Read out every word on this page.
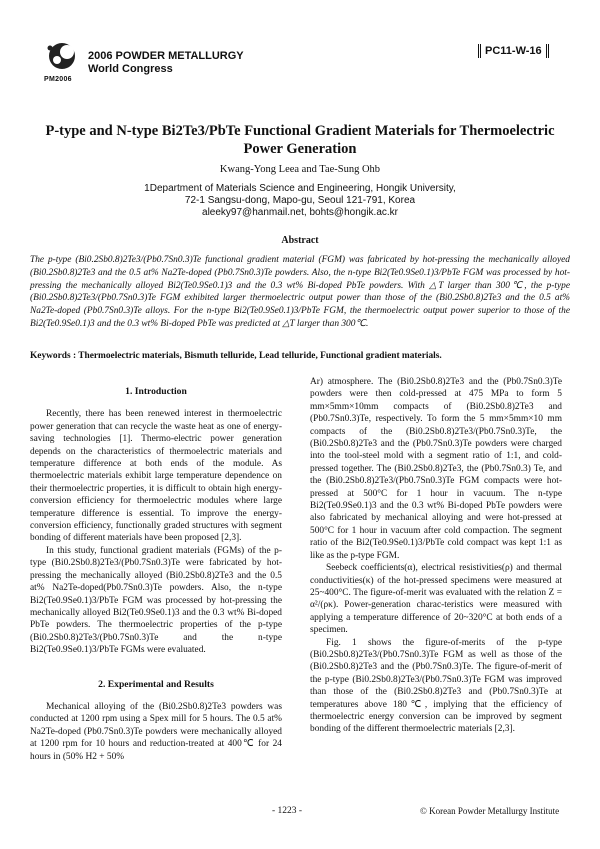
PM2006
2006 POWDER METALLURGY
World Congress
PC11-W-16
P-type and N-type Bi2Te3/PbTe Functional Gradient Materials for Thermoelectric Power Generation
Kwang-Yong Leea and Tae-Sung Ohb
1Department of Materials Science and Engineering, Hongik University,
72-1 Sangsu-dong, Mapo-gu, Seoul 121-791, Korea
aleeky97@hanmail.net, bohts@hongik.ac.kr
Abstract
The p-type (Bi0.2Sb0.8)2Te3/(Pb0.7Sn0.3)Te functional gradient material (FGM) was fabricated by hot-pressing the mechanically alloyed (Bi0.2Sb0.8)2Te3 and the 0.5 at% Na2Te-doped (Pb0.7Sn0.3)Te powders. Also, the n-type Bi2(Te0.9Se0.1)3/PbTe FGM was processed by hot-pressing the mechanically alloyed Bi2(Te0.9Se0.1)3 and the 0.3 wt% Bi-doped PbTe powders. With △T larger than 300℃, the p-type (Bi0.2Sb0.8)2Te3/(Pb0.7Sn0.3)Te FGM exhibited larger thermoelectric output power than those of the (Bi0.2Sb0.8)2Te3 and the 0.5 at% Na2Te-doped (Pb0.7Sn0.3)Te alloys. For the n-type Bi2(Te0.9Se0.1)3/PbTe FGM, the thermoelectric output power superior to those of the Bi2(Te0.9Se0.1)3 and the 0.3 wt% Bi-doped PbTe was predicted at △T larger than 300℃.
Keywords : Thermoelectric materials, Bismuth telluride, Lead telluride, Functional gradient materials.
1. Introduction

Recently, there has been renewed interest in thermoelectric power generation that can recycle the waste heat as one of energy-saving technologies [1]. Thermo-electric power generation depends on the characteristics of thermoelectric materials and temperature difference at both ends of the module. As thermoelectric materials exhibit large temperature dependence on their thermoelectric properties, it is difficult to obtain high energy-conversion efficiency for thermoelectric modules where large temperature difference is essential. To improve the energy-conversion efficiency, functionally graded structures with segment bonding of different materials have been proposed [2,3].

In this study, functional gradient materials (FGMs) of the p-type (Bi0.2Sb0.8)2Te3/(Pb0.7Sn0.3)Te were fabricated by hot-pressing the mechanically alloyed (Bi0.2Sb0.8)2Te3 and the 0.5 at% Na2Te-doped(Pb0.7Sn0.3)Te powders. Also, the n-type Bi2(Te0.9Se0.1)3/PbTe FGM was processed by hot-pressing the mechanically alloyed Bi2(Te0.9Se0.1)3 and the 0.3 wt% Bi-doped PbTe powders. The thermoelectric properties of the p-type (Bi0.2Sb0.8)2Te3/(Pb0.7Sn0.3)Te and the n-type Bi2(Te0.9Se0.1)3/PbTe FGMs were evaluated.

2. Experimental and Results

Mechanical alloying of the (Bi0.2Sb0.8)2Te3 powders was conducted at 1200 rpm using a Spex mill for 5 hours. The 0.5 at% Na2Te-doped (Pb0.7Sn0.3)Te powders were mechanically alloyed at 1200 rpm for 10 hours and reduction-treated at 400℃ for 24 hours in (50% H2 + 50%

Ar) atmosphere. The (Bi0.2Sb0.8)2Te3 and the (Pb0.7Sn0.3)Te powders were then cold-pressed at 475 MPa to form 5 mm×5mm×10mm compacts of (Bi0.2Sb0.8)2Te3 and (Pb0.7Sn0.3)Te, respectively. To form the 5 mm×5mm×10 mm compacts of the (Bi0.2Sb0.8)2Te3/(Pb0.7Sn0.3)Te, the (Bi0.2Sb0.8)2Te3 and the (Pb0.7Sn0.3)Te powders were charged into the tool-steel mold with a segment ratio of 1:1, and cold-pressed together. The (Bi0.2Sb0.8)2Te3, the (Pb0.7Sn0.3) Te, and the (Bi0.2Sb0.8)2Te3/(Pb0.7Sn0.3)Te FGM compacts were hot-pressed at 500°C for 1 hour in vacuum. The n-type Bi2(Te0.9Se0.1)3 and the 0.3 wt% Bi-doped PbTe powders were also fabricated by mechanical alloying and were hot-pressed at 500°C for 1 hour in vacuum after cold compaction. The segment ratio of the Bi2(Te0.9Se0.1)3/PbTe cold compact was kept 1:1 as like as the p-type FGM.

Seebeck coefficients(α), electrical resistivities(ρ) and thermal conductivities(κ) of the hot-pressed specimens were measured at 25~400°C. The figure-of-merit was evaluated with the relation Z = α²/(ρκ). Power-generation charac-teristics were measured with applying a temperature difference of 20~320°C at both ends of a specimen.

Fig. 1 shows the figure-of-merits of the p-type (Bi0.2Sb0.8)2Te3/(Pb0.7Sn0.3)Te FGM as well as those of the (Bi0.2Sb0.8)2Te3 and the (Pb0.7Sn0.3)Te. The figure-of-merit of the p-type (Bi0.2Sb0.8)2Te3/(Pb0.7Sn0.3)Te FGM was improved than those of the (Bi0.2Sb0.8)2Te3 and (Pb0.7Sn0.3)Te at temperatures above 180℃, implying that the efficiency of thermoelectric energy conversion can be improved by segment bonding of the different thermoelectric materials [2,3].

- 1223 -	© Korean Powder Metallurgy Institute
